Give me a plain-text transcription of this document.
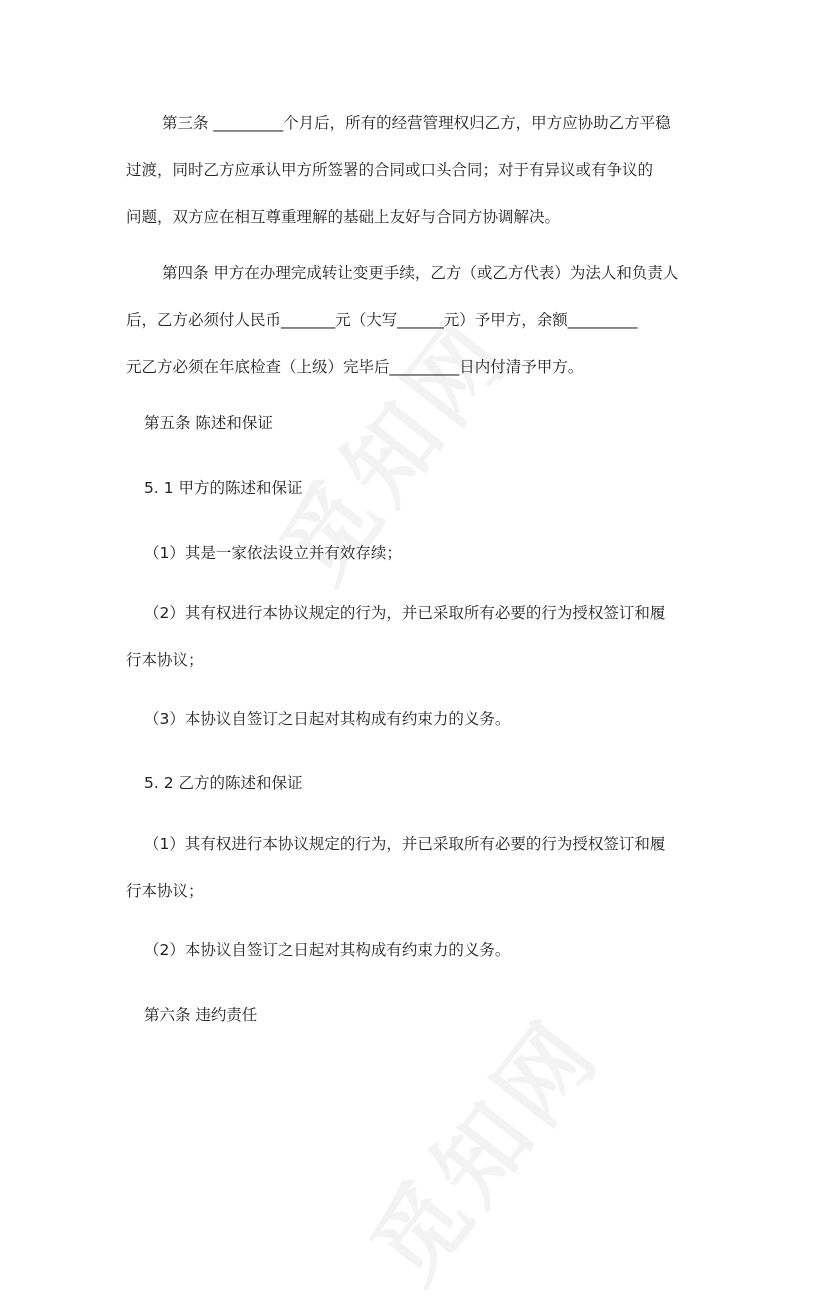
第三条 _________个月后，所有的经营管理权归乙方，甲方应协助乙方平稳
过渡，同时乙方应承认甲方所签署的合同或口头合同；对于有异议或有争议的
问题，双方应在相互尊重理解的基础上友好与合同方协调解决。
第四条 甲方在办理完成转让变更手续，乙方（或乙方代表）为法人和负责人
后，乙方必须付人民币_______元（大写______元）予甲方，余额_________
元乙方必须在年底检查（上级）完毕后_________日内付清予甲方。
第五条 陈述和保证
5. 1 甲方的陈述和保证
（1）其是一家依法设立并有效存续；
（2）其有权进行本协议规定的行为，并已采取所有必要的行为授权签订和履
行本协议；
（3）本协议自签订之日起对其构成有约束力的义务。
5. 2 乙方的陈述和保证
（1）其有权进行本协议规定的行为，并已采取所有必要的行为授权签订和履
行本协议；
（2）本协议自签订之日起对其构成有约束力的义务。
第六条 违约责任
